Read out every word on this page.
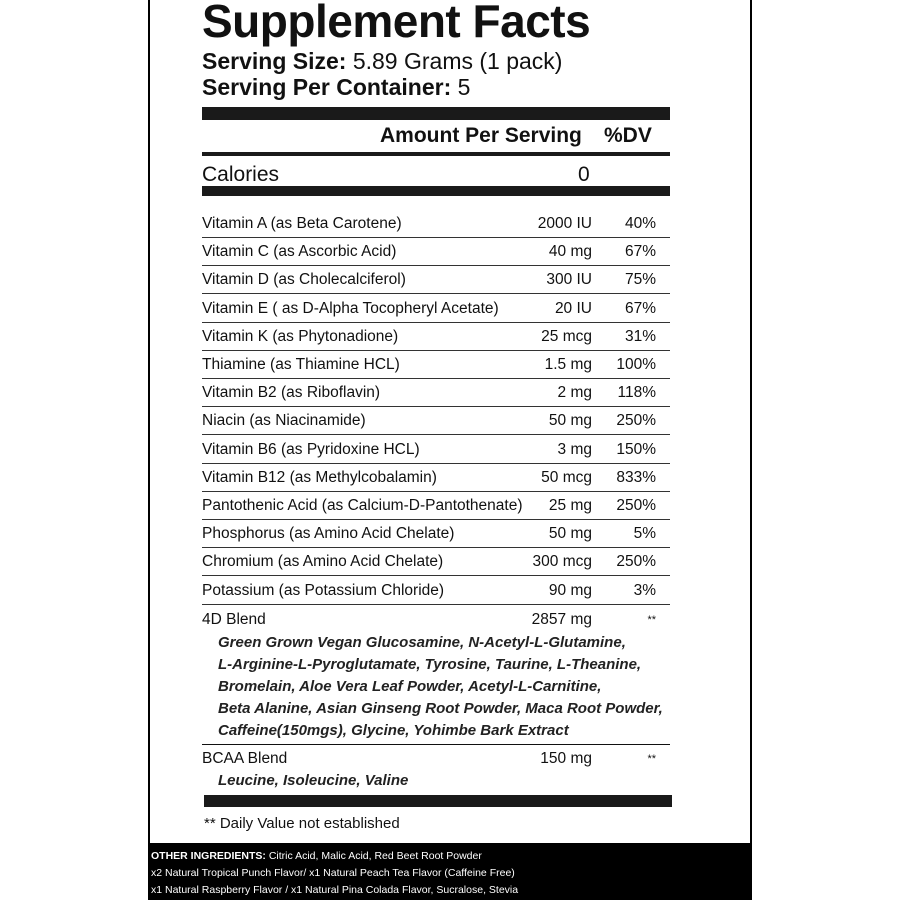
Supplement Facts
Serving Size: 5.89 Grams (1 pack)
Serving Per Container: 5
Amount Per Serving %DV
Calories	0
Vitamin A (as Beta Carotene)	2000 IU 40%
Vitamin C (as Ascorbic Acid)	40 mg 67%
Vitamin D (as Cholecalciferol)	300 IU 75%
Vitamin E ( as D-Alpha Tocopheryl Acetate)	20 IU 67%
Vitamin K (as Phytonadione)	25 mcg 31%
Thiamine (as Thiamine HCL)	1.5 mg 100%
Vitamin B2 (as Riboflavin)	2 mg 118%
Niacin (as Niacinamide)	50 mg 250%
Vitamin B6 (as Pyridoxine HCL)	3 mg 150%
Vitamin B12 (as Methylcobalamin)	50 mcg 833%
Pantothenic Acid (as Calcium-D-Pantothenate) 25 mg 250%
Phosphorus (as Amino Acid Chelate)	50 mg	5%
Chromium (as Amino Acid Chelate)	300 mcg 250%
Potassium (as Potassium Chloride)	90 mg	3%
4D Blend	2857 mg	**
Green Grown Vegan Glucosamine, N-Acetyl-L-Glutamine,
L-Arginine-L-Pyroglutamate, Tyrosine, Taurine, L-Theanine,
Bromelain, Aloe Vera Leaf Powder, Acetyl-L-Carnitine,
Beta Alanine, Asian Ginseng Root Powder, Maca Root Powder,
Caffeine(150mgs), Glycine, Yohimbe Bark Extract
BCAA Blend	150 mg	**
Leucine, Isoleucine, Valine
** Daily Value not established
OTHER INGREDIENTS: Citric Acid, Malic Acid, Red Beet Root Powder
x2 Natural Tropical Punch Flavor/ x1 Natural Peach Tea Flavor (Caffeine Free)
x1 Natural Raspberry Flavor / x1 Natural Pina Colada Flavor, Sucralose, Stevia
